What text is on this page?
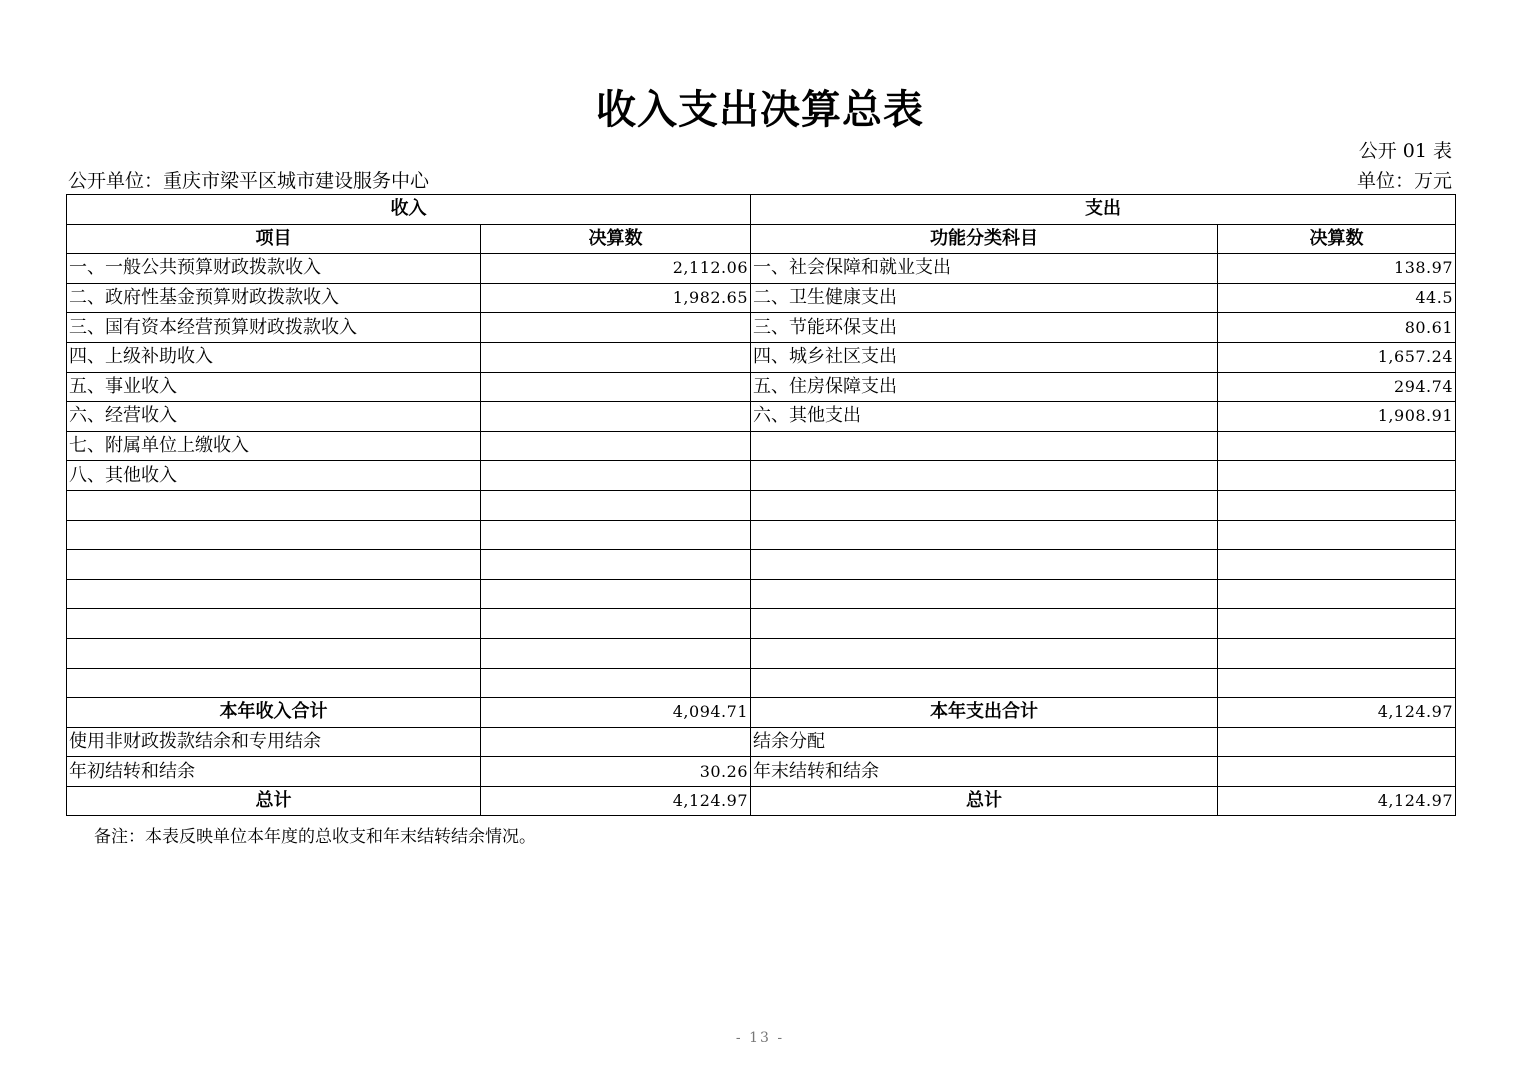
收入支出决算总表
公开 01 表
公开单位：重庆市梁平区城市建设服务中心	单位：万元
收入		支出	
项目	决算数	功能分类科目	决算数
一、一般公共预算财政拨款收入	2,112.06	一、社会保障和就业支出	138.97
二、政府性基金预算财政拨款收入	1,982.65	二、卫生健康支出	44.5
三、国有资本经营预算财政拨款收入		三、节能环保支出	80.61
四、上级补助收入		四、城乡社区支出	1,657.24
五、事业收入		五、住房保障支出	294.74
六、经营收入		六、其他支出	1,908.91
七、附属单位上缴收入			
八、其他收入			

本年收入合计	4,094.71	本年支出合计	4,124.97
使用非财政拨款结余和专用结余		结余分配	
年初结转和结余	30.26	年末结转和结余	
总计	4,124.97	总计	4,124.97
备注：本表反映单位本年度的总收支和年末结转结余情况。
- 13 -
